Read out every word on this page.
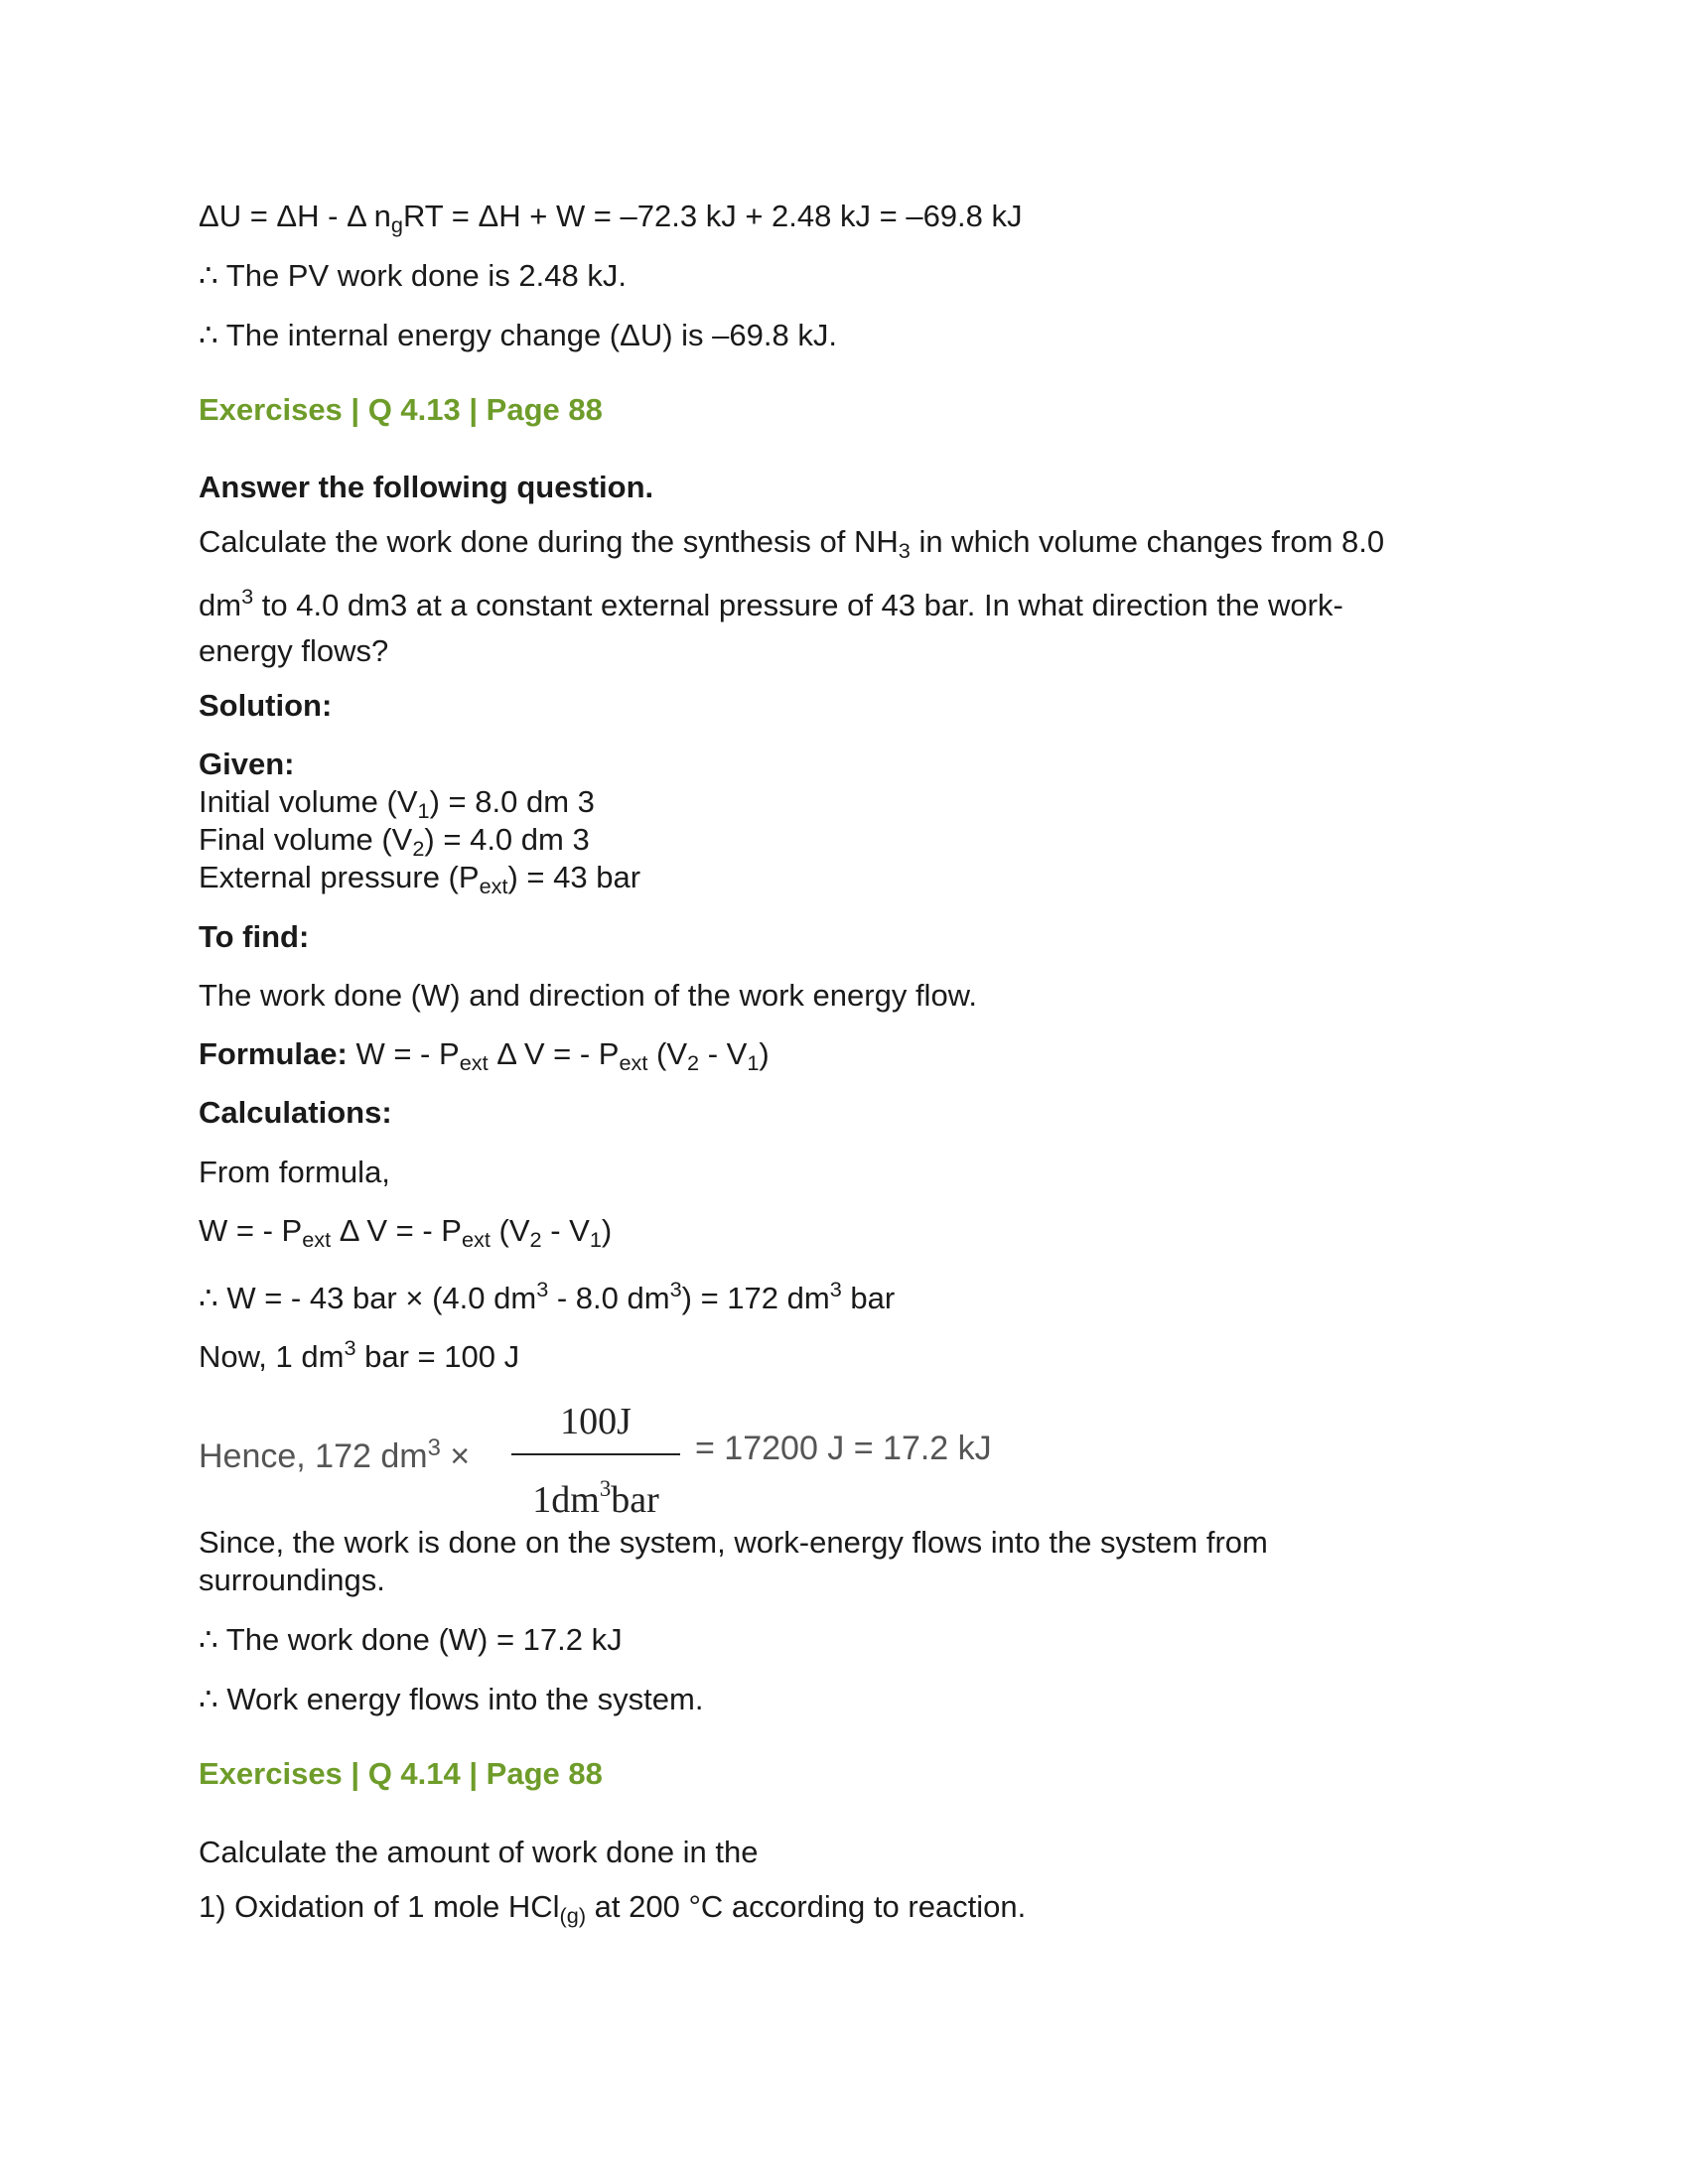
ΔU = ΔH - Δ $n_gRT = \Delta H + W = -72.3$ kJ + 2.48 kJ = –69.8 kJ
∴ The PV work done is 2.48 kJ.
∴ The internal energy change (ΔU) is –69.8 kJ.
Exercises | Q 4.13 | Page 88
Answer the following question.
Calculate the work done during the synthesis of $NH_3$ in which volume changes from 8.0
$dm^3$ to 4.0 dm3 at a constant external pressure of 43 bar. In what direction the work-
energy flows?
Solution:
Given:
Initial volume $(V_1) = 8.0$ dm 3
Final volume $(V_2) = 4.0$ dm 3
External pressure $(P_{ext}) = 43$ bar
To find:
The work done (W) and direction of the work energy flow.
Formulae: W = - $P_{ext}$ Δ V = - $P_{ext}$ $(V_2 - V_1)$
Calculations:
From formula,
W = - $P_{ext}$ Δ V = - $P_{ext}$ $(V_2 - V_1)$
∴ W = - 43 bar × (4.0 $dm^3 - 8.0$ $dm^3) = 172$ $dm^3$ bar
Now, 1 $dm^3$ bar = 100 J
Hence, 172 $dm^3$ ×
100J
$1dm^3bar$
= 17200 J = 17.2 kJ
Since, the work is done on the system, work-energy flows into the system from
surroundings.
∴ The work done (W) = 17.2 kJ
∴ Work energy flows into the system.
Exercises | Q 4.14 | Page 88
Calculate the amount of work done in the
1) Oxidation of 1 mole HCl$_{(g)}$ at 200 °C according to reaction.
